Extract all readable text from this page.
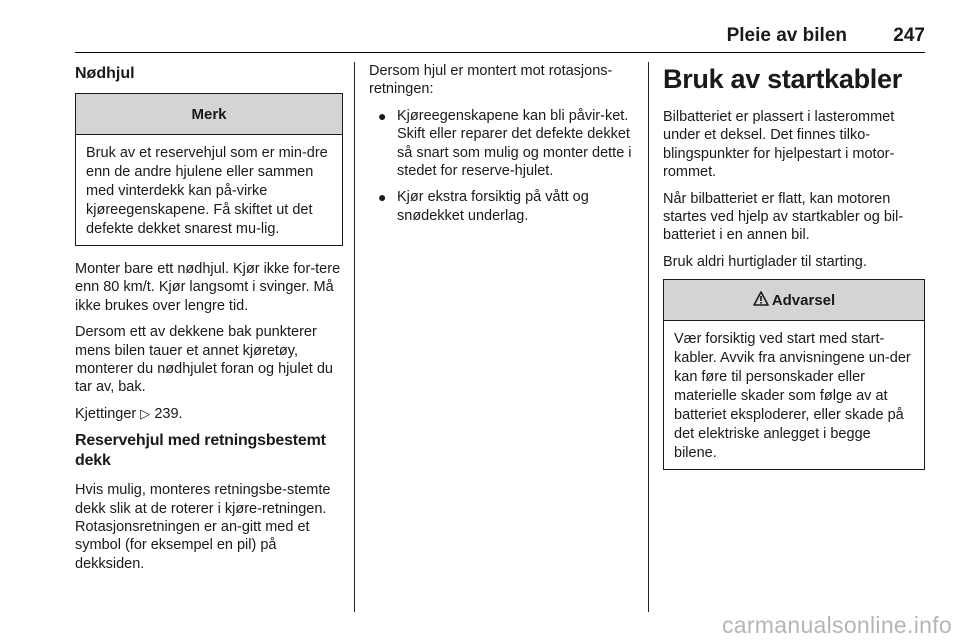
Pleie av bilen 247
Nødhjul
Merk

Bruk av et reservehjul som er min-dre enn de andre hjulene eller sammen med vinterdekk kan på-virke kjøreegenskapene. Få skiftet ut det defekte dekket snarest mu-lig.

Monter bare ett nødhjul. Kjør ikke for-tere enn 80 km/t. Kjør langsomt i svinger. Må ikke brukes over lengre tid.

Dersom ett av dekkene bak punkterer mens bilen tauer et annet kjøretøy, monterer du nødhjulet foran og hjulet du tar av, bak.

Kjettinger ▷ 239.

Reservehjul med retningsbestemt dekk

Hvis mulig, monteres retningsbe-stemte dekk slik at de roterer i kjøre-retningen. Rotasjonsretningen er an-gitt med et symbol (for eksempel en pil) på dekksiden.

Dersom hjul er montert mot rotasjons-retningen:

● Kjøreegenskapene kan bli påvir-ket. Skift eller reparer det defekte dekket så snart som mulig og monter dette i stedet for reserve-hjulet.
● Kjør ekstra forsiktig på vått og snødekket underlag.
Bruk av startkabler

Bilbatteriet er plassert i lasterommet under et deksel. Det finnes tilko-blingspunkter for hjelpestart i motor-rommet.

Når bilbatteriet er flatt, kan motoren startes ved hjelp av startkabler og bil-batteriet i en annen bil.

Bruk aldri hurtiglader til starting.

Advarsel

Vær forsiktig ved start med start-kabler. Avvik fra anvisningene un-der kan føre til personskader eller materielle skader som følge av at batteriet eksploderer, eller skade på det elektriske anlegget i begge bilene.

carmanualsonline.info
